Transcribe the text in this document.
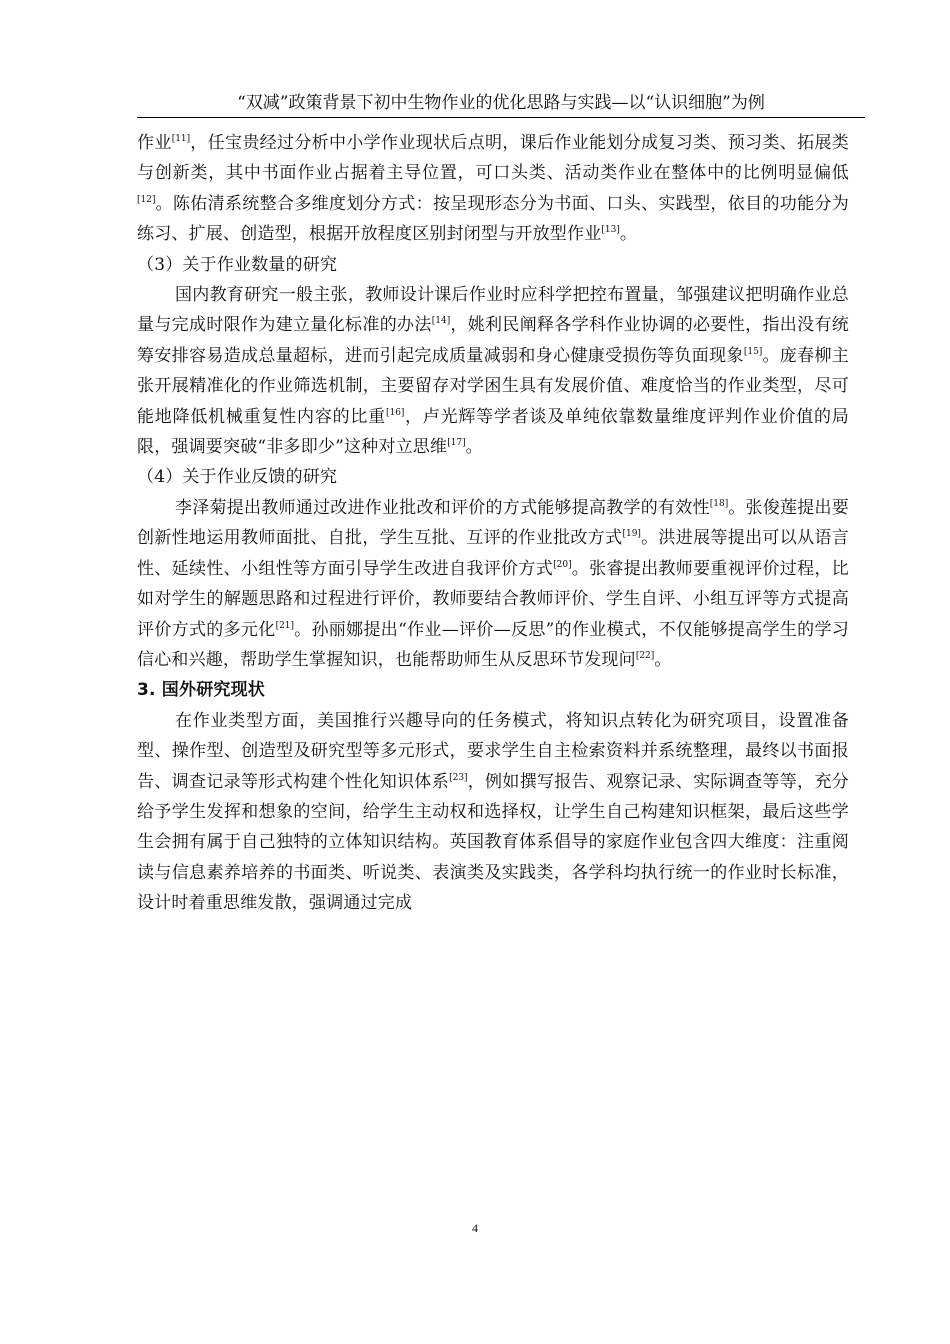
“双减”政策背景下初中生物作业的优化思路与实践—以“认识细胞”为例

作业[11]，任宝贵经过分析中小学作业现状后点明，课后作业能划分成复习类、预习类、拓展类与创新类，其中书面作业占据着主导位置，可口头类、活动类作业在整体中的比例明显偏低[12]。陈佑清系统整合多维度划分方式：按呈现形态分为书面、口头、实践型，依目的功能分为练习、扩展、创造型，根据开放程度区别封闭型与开放型作业[13]。

（3）关于作业数量的研究

国内教育研究一般主张，教师设计课后作业时应科学把控布置量，邹强建议把明确作业总量与完成时限作为建立量化标准的办法[14]，姚利民阐释各学科作业协调的必要性，指出没有统筹安排容易造成总量超标，进而引起完成质量减弱和身心健康受损伤等负面现象[15]。庞春柳主张开展精准化的作业筛选机制，主要留存对学困生具有发展价值、难度恰当的作业类型，尽可能地降低机械重复性内容的比重[16]，卢光辉等学者谈及单纯依靠数量维度评判作业价值的局限，强调要突破“非多即少”这种对立思维[17]。

（4）关于作业反馈的研究

李泽菊提出教师通过改进作业批改和评价的方式能够提高教学的有效性[18]。张俊莲提出要创新性地运用教师面批、自批，学生互批、互评的作业批改方式[19]。洪进展等提出可以从语言性、延续性、小组性等方面引导学生改进自我评价方式[20]。张睿提出教师要重视评价过程，比如对学生的解题思路和过程进行评价，教师要结合教师评价、学生自评、小组互评等方式提高评价方式的多元化[21]。孙丽娜提出“作业—评价—反思”的作业模式，不仅能够提高学生的学习信心和兴趣，帮助学生掌握知识，也能帮助师生从反思环节发现问[22]。

3. 国外研究现状

在作业类型方面，美国推行兴趣导向的任务模式，将知识点转化为研究项目，设置准备型、操作型、创造型及研究型等多元形式，要求学生自主检索资料并系统整理，最终以书面报告、调查记录等形式构建个性化知识体系[23]，例如撰写报告、观察记录、实际调查等等，充分给予学生发挥和想象的空间，给学生主动权和选择权，让学生自己构建知识框架，最后这些学生会拥有属于自己独特的立体知识结构。英国教育体系倡导的家庭作业包含四大维度：注重阅读与信息素养培养的书面类、听说类、表演类及实践类，各学科均执行统一的作业时长标准，设计时着重思维发散，强调通过完成

4
